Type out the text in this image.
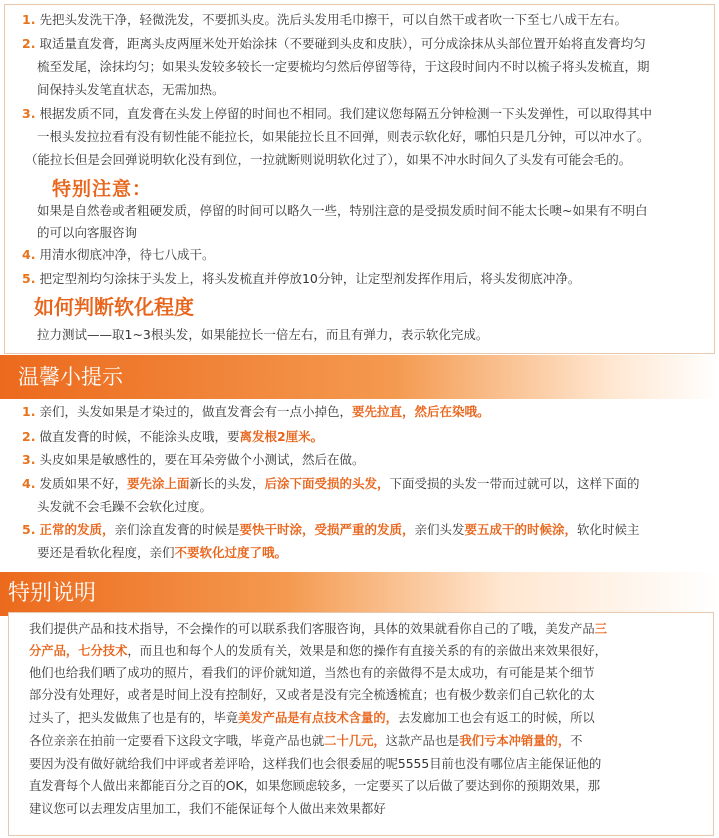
1. 先把头发洗干净，轻微洗发，不要抓头皮。洗后头发用毛巾擦干，可以自然干或者吹一下至七八成干左右。
2. 取适量直发膏，距离头皮两厘米处开始涂抹（不要碰到头皮和皮肤），可分成涂抹从头部位置开始将直发膏均匀
梳至发尾，涂抹均匀；如果头发较多较长一定要梳均匀然后停留等待，于这段时间内不时以梳子将头发梳直，期
间保持头发笔直状态，无需加热。
3. 根据发质不同，直发膏在头发上停留的时间也不相同。我们建议您每隔五分钟检测一下头发弹性，可以取得其中
一根头发拉拉看有没有韧性能不能拉长，如果能拉长且不回弹，则表示软化好，哪怕只是几分钟，可以冲水了。
（能拉长但是会回弹说明软化没有到位，一拉就断则说明软化过了），如果不冲水时间久了头发有可能会毛的。
特别注意：
如果是自然卷或者粗硬发质，停留的时间可以略久一些，特别注意的是受损发质时间不能太长噢~如果有不明白
的可以向客服咨询
4. 用清水彻底冲净，待七八成干。
5. 把定型剂均匀涂抹于头发上，将头发梳直并停放10分钟，让定型剂发挥作用后，将头发彻底冲净。
如何判断软化程度
拉力测试——取1~3根头发，如果能拉长一倍左右，而且有弹力，表示软化完成。
温馨小提示
1. 亲们，头发如果是才染过的，做直发膏会有一点小掉色，要先拉直，然后在染哦。
2. 做直发膏的时候，不能涂头皮哦，要离发根2厘米。
3. 头皮如果是敏感性的，要在耳朵旁做个小测试，然后在做。
4. 发质如果不好，要先涂上面新长的头发，后涂下面受损的头发，下面受损的头发一带而过就可以，这样下面的
头发就不会毛躁不会软化过度。
5. 正常的发质，亲们涂直发膏的时候是要快干时涂，受损严重的发质，亲们头发要五成干的时候涂，软化时候主
要还是看软化程度，亲们不要软化过度了哦。
特别说明
我们提供产品和技术指导，不会操作的可以联系我们客服咨询，具体的效果就看你自己的了哦，美发产品三
分产品，七分技术，而且也和每个人的发质有关，效果是和您的操作有直接关系的有的亲做出来效果很好，
他们也给我们晒了成功的照片，看我们的评价就知道，当然也有的亲做得不是太成功，有可能是某个细节
部分没有处理好，或者是时间上没有控制好，又或者是没有完全梳透梳直；也有极少数亲们自己软化的太
过头了，把头发做焦了也是有的，毕竟美发产品是有点技术含量的，去发廊加工也会有返工的时候，所以
各位亲亲在拍前一定要看下这段文字哦，毕竟产品也就二十几元，这款产品也是我们亏本冲销量的，不
要因为没有做好就给我们中评或者差评哈，这样我们也会很委屈的呢5555目前也没有哪位店主能保证他的
直发膏每个人做出来都能百分之百的OK，如果您顾虑较多，一定要买了以后做了要达到你的预期效果，那
建议您可以去理发店里加工，我们不能保证每个人做出来效果都好
